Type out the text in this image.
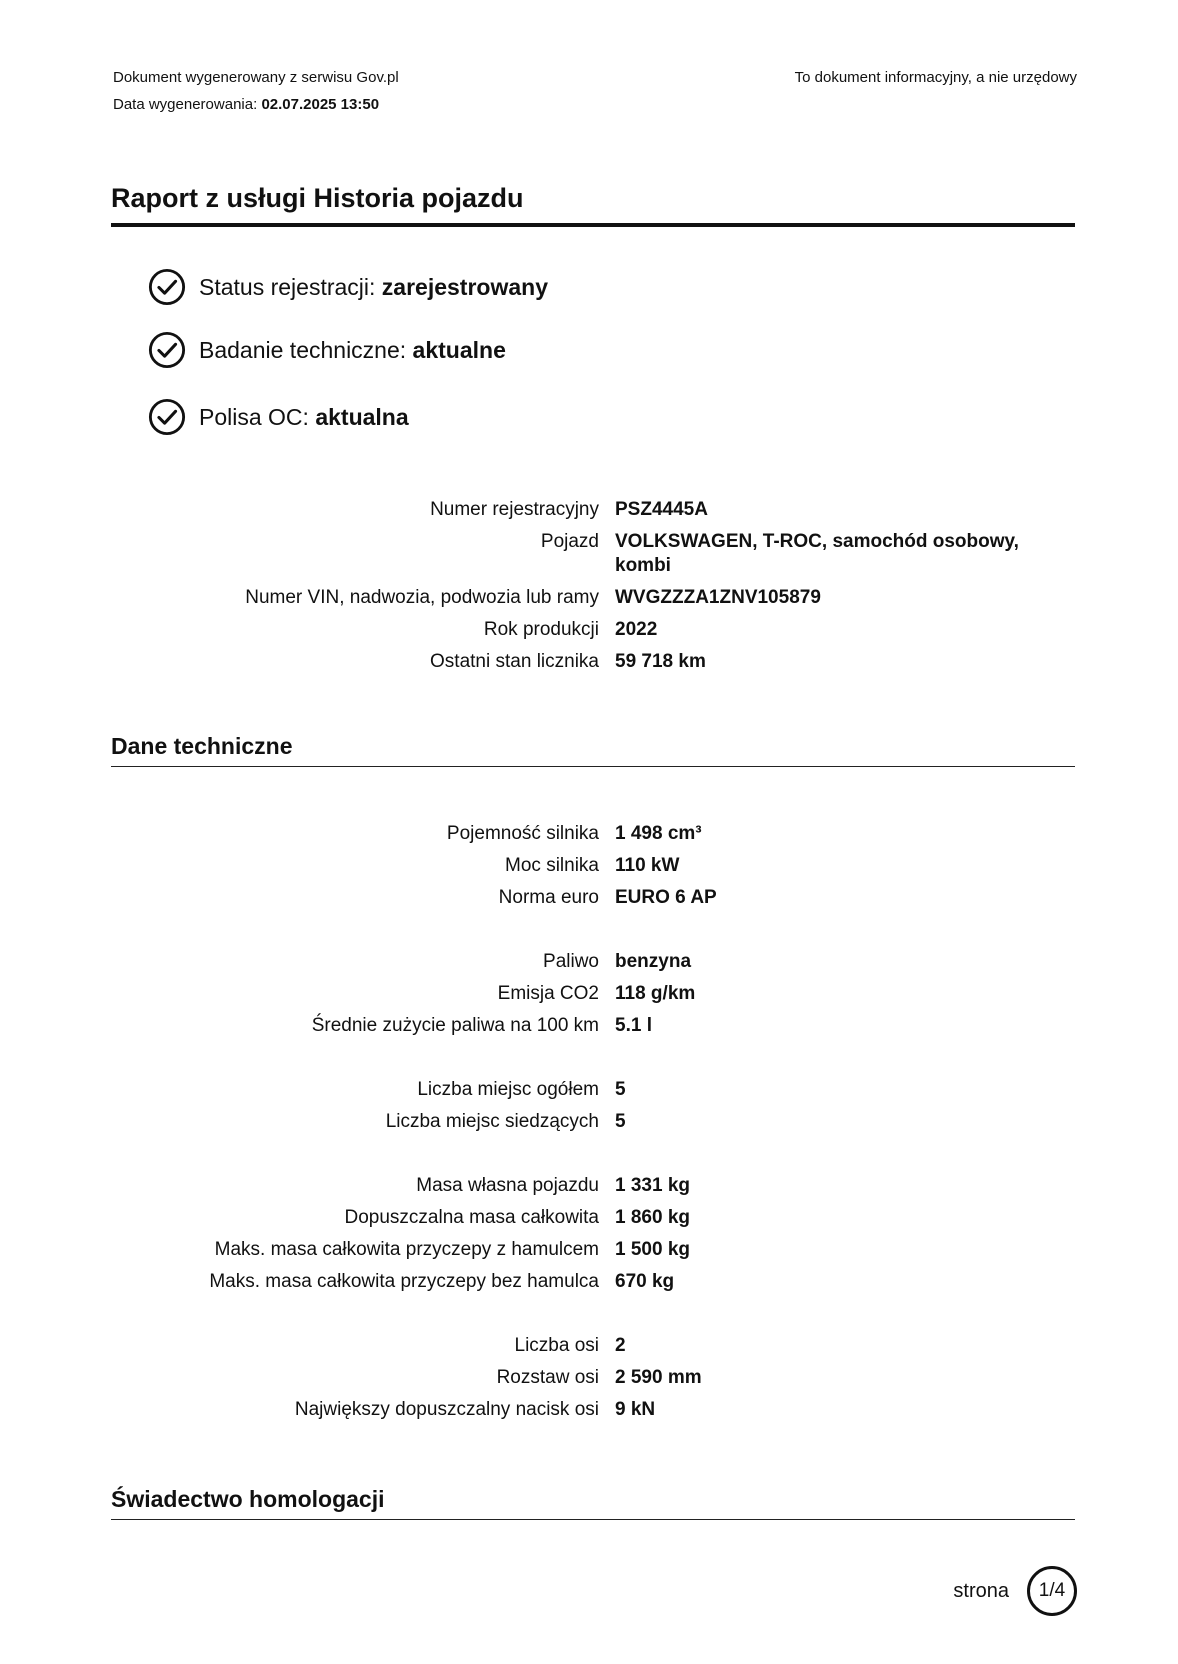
Dokument wygenerowany z serwisu Gov.pl
Data wygenerowania: 02.07.2025 13:50
To dokument informacyjny, a nie urzędowy
Raport z usługi Historia pojazdu
Status rejestracji: zarejestrowany
Badanie techniczne: aktualne
Polisa OC: aktualna
Numer rejestracyjny PSZ4445A
Pojazd VOLKSWAGEN, T-ROC, samochód osobowy, kombi
Numer VIN, nadwozia, podwozia lub ramy WVGZZZA1ZNV105879
Rok produkcji 2022
Ostatni stan licznika 59 718 km
Dane techniczne
Pojemność silnika 1 498 cm³
Moc silnika 110 kW
Norma euro EURO 6 AP
Paliwo benzyna
Emisja CO2 118 g/km
Średnie zużycie paliwa na 100 km 5.1 l
Liczba miejsc ogółem 5
Liczba miejsc siedzących 5
Masa własna pojazdu 1 331 kg
Dopuszczalna masa całkowita 1 860 kg
Maks. masa całkowita przyczepy z hamulcem 1 500 kg
Maks. masa całkowita przyczepy bez hamulca 670 kg
Liczba osi 2
Rozstaw osi 2 590 mm
Największy dopuszczalny nacisk osi 9 kN
Świadectwo homologacji
strona	1/4
